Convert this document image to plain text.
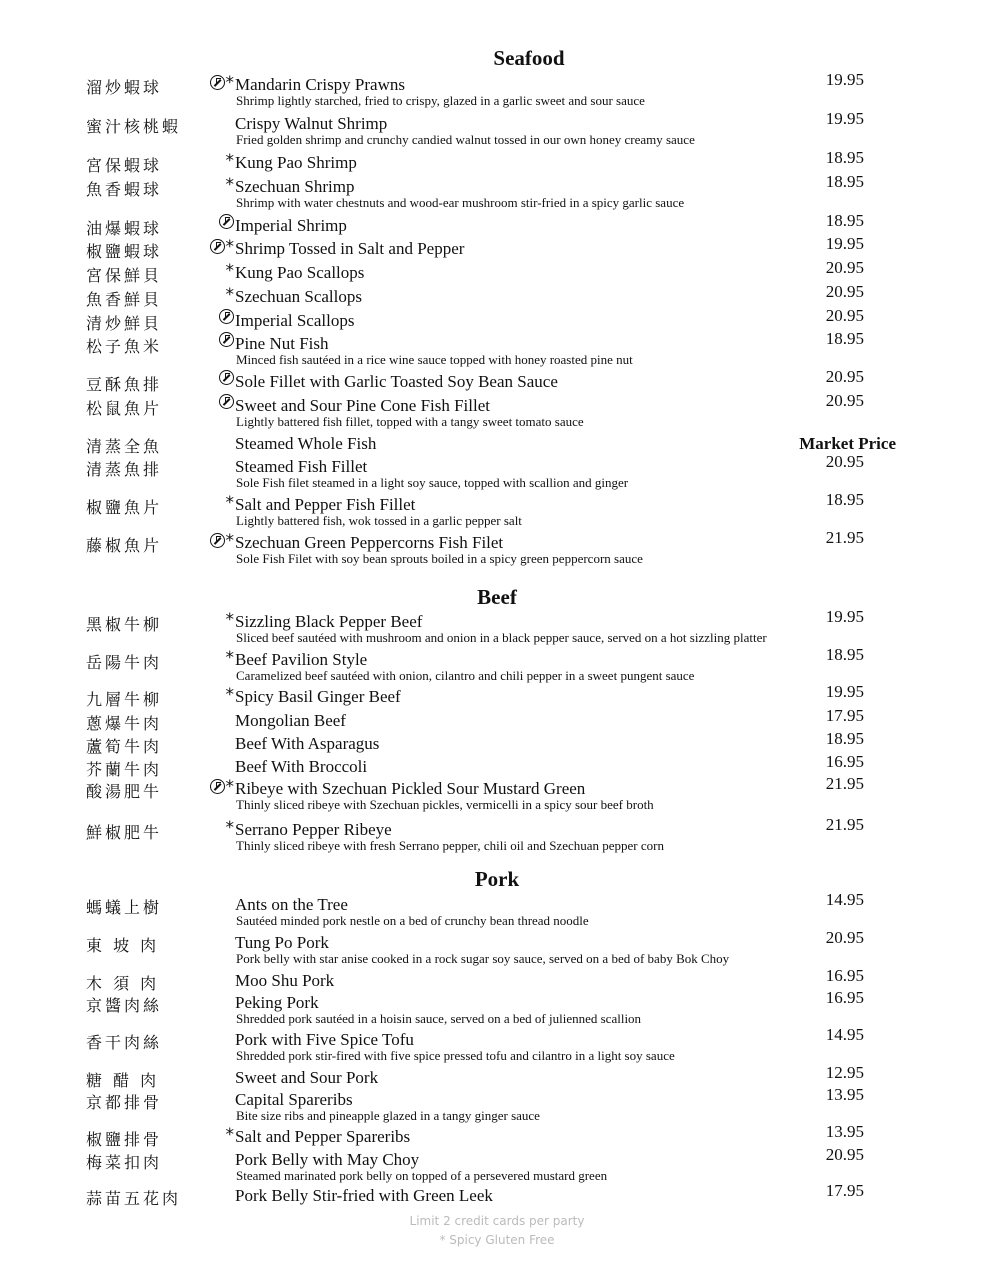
Seafood
Beef
Pork
溜炒蝦球	* Mandarin Crispy Prawns
Shrimp lightly starched, fried to crispy, glazed in a garlic sweet and sour sauce
19.95
蜜汁核桃蝦	Crispy Walnut Shrimp
Fried golden shrimp and crunchy candied walnut tossed in our own honey creamy sauce
19.95
宮保蝦球	* Kung Pao Shrimp	18.95
魚香蝦球	* Szechuan Shrimp
Shrimp with water chestnuts and wood-ear mushroom stir-fried in a spicy garlic sauce
18.95
油爆蝦球	Imperial Shrimp	18.95
椒鹽蝦球	* Shrimp Tossed in Salt and Pepper	19.95
宮保鮮貝	* Kung Pao Scallops	20.95
魚香鮮貝	* Szechuan Scallops	20.95
清炒鮮貝	Imperial Scallops	20.95
松子魚米	Pine Nut Fish
Minced fish sautéed in a rice wine sauce topped with honey roasted pine nut
18.95
豆酥魚排	Sole Fillet with Garlic Toasted Soy Bean Sauce	20.95
松鼠魚片	Sweet and Sour Pine Cone Fish Fillet
Lightly battered fish fillet, topped with a tangy sweet tomato sauce
20.95
清蒸全魚	Steamed Whole Fish	Market Price
清蒸魚排	Steamed Fish Fillet
Sole Fish filet steamed in a light soy sauce, topped with scallion and ginger
20.95
椒鹽魚片	* Salt and Pepper Fish Fillet
Lightly battered fish, wok tossed in a garlic pepper salt
18.95
藤椒魚片	* Szechuan Green Peppercorns Fish Filet
Sole Fish Filet with soy bean sprouts boiled in a spicy green peppercorn sauce
21.95
黑椒牛柳	* Sizzling Black Pepper Beef
Sliced beef sautéed with mushroom and onion in a black pepper sauce, served on a hot sizzling platter
19.95
岳陽牛肉	* Beef Pavilion Style
Caramelized beef sautéed with onion, cilantro and chili pepper in a sweet pungent sauce
18.95
九層牛柳	* Spicy Basil Ginger Beef	19.95
蔥爆牛肉	Mongolian Beef	17.95
蘆筍牛肉	Beef With Asparagus	18.95
芥蘭牛肉	Beef With Broccoli	16.95
酸湯肥牛	* Ribeye with Szechuan Pickled Sour Mustard Green
Thinly sliced ribeye with Szechuan pickles, vermicelli in a spicy sour beef broth
21.95
鮮椒肥牛	* Serrano Pepper Ribeye
Thinly sliced ribeye with fresh Serrano pepper, chili oil and Szechuan pepper corn
21.95
螞蟻上樹	Ants on the Tree
Sautéed minded pork nestle on a bed of crunchy bean thread noodle
14.95
東 坡 肉	Tung Po Pork
Pork belly with star anise cooked in a rock sugar soy sauce, served on a bed of baby Bok Choy
20.95
木 須 肉	Moo Shu Pork	16.95
京醬肉絲	Peking Pork
Shredded pork sautéed in a hoisin sauce, served on a bed of julienned scallion
16.95
香干肉絲	Pork with Five Spice Tofu
Shredded pork stir-fired with five spice pressed tofu and cilantro in a light soy sauce
14.95
糖 醋 肉	Sweet and Sour Pork	12.95
京都排骨	Capital Spareribs
Bite size ribs and pineapple glazed in a tangy ginger sauce
13.95
椒鹽排骨	* Salt and Pepper Spareribs	13.95
梅菜扣肉	Pork Belly with May Choy
Steamed marinated pork belly on topped of a persevered mustard green
20.95
蒜苗五花肉	Pork Belly Stir-fried with Green Leek	17.95
Limit 2 credit cards per party
* Spicy Gluten Free
